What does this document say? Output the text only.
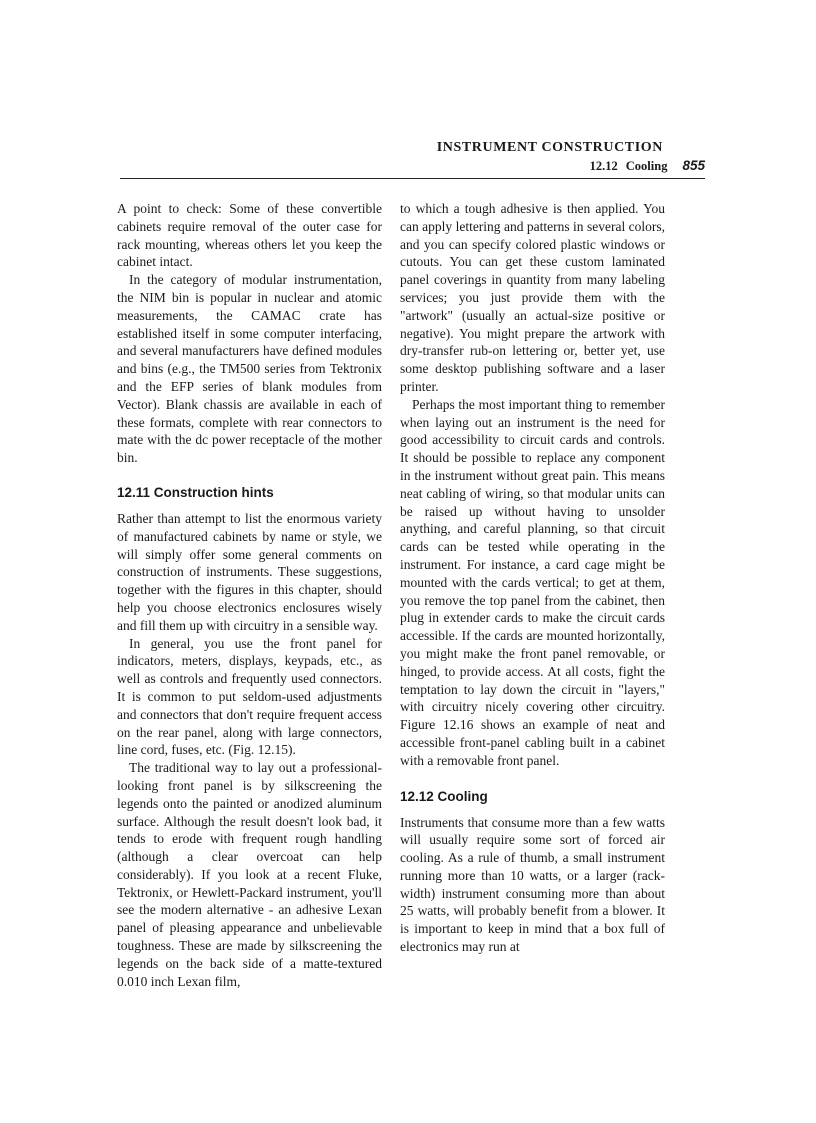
INSTRUMENT CONSTRUCTION
12.12 Cooling 855

A point to check: Some of these convertible cabinets require removal of the outer case for rack mounting, whereas others let you keep the cabinet intact.

In the category of modular instrumentation, the NIM bin is popular in nuclear and atomic measurements, the CAMAC crate has established itself in some computer interfacing, and several manufacturers have defined modules and bins (e.g., the TM500 series from Tektronix and the EFP series of blank modules from Vector). Blank chassis are available in each of these formats, complete with rear connectors to mate with the dc power receptacle of the mother bin.

12.11 Construction hints

Rather than attempt to list the enormous variety of manufactured cabinets by name or style, we will simply offer some general comments on construction of instruments. These suggestions, together with the figures in this chapter, should help you choose electronics enclosures wisely and fill them up with circuitry in a sensible way.

In general, you use the front panel for indicators, meters, displays, keypads, etc., as well as controls and frequently used connectors. It is common to put seldom-used adjustments and connectors that don't require frequent access on the rear panel, along with large connectors, line cord, fuses, etc. (Fig. 12.15).

The traditional way to lay out a professional-looking front panel is by silkscreening the legends onto the painted or anodized aluminum surface. Although the result doesn't look bad, it tends to erode with frequent rough handling (although a clear overcoat can help considerably). If you look at a recent Fluke, Tektronix, or Hewlett-Packard instrument, you'll see the modern alternative - an adhesive Lexan panel of pleasing appearance and unbelievable toughness. These are made by silkscreening the legends on the back side of a matte-textured 0.010 inch Lexan film,

to which a tough adhesive is then applied. You can apply lettering and patterns in several colors, and you can specify colored plastic windows or cutouts. You can get these custom laminated panel coverings in quantity from many labeling services; you just provide them with the "artwork" (usually an actual-size positive or negative). You might prepare the artwork with dry-transfer rub-on lettering or, better yet, use some desktop publishing software and a laser printer.

Perhaps the most important thing to remember when laying out an instrument is the need for good accessibility to circuit cards and controls. It should be possible to replace any component in the instrument without great pain. This means neat cabling of wiring, so that modular units can be raised up without having to unsolder anything, and careful planning, so that circuit cards can be tested while operating in the instrument. For instance, a card cage might be mounted with the cards vertical; to get at them, you remove the top panel from the cabinet, then plug in extender cards to make the circuit cards accessible. If the cards are mounted horizontally, you might make the front panel removable, or hinged, to provide access. At all costs, fight the temptation to lay down the circuit in "layers," with circuitry nicely covering other circuitry. Figure 12.16 shows an example of neat and accessible front-panel cabling built in a cabinet with a removable front panel.

12.12 Cooling

Instruments that consume more than a few watts will usually require some sort of forced air cooling. As a rule of thumb, a small instrument running more than 10 watts, or a larger (rack-width) instrument consuming more than about 25 watts, will probably benefit from a blower. It is important to keep in mind that a box full of electronics may run at
